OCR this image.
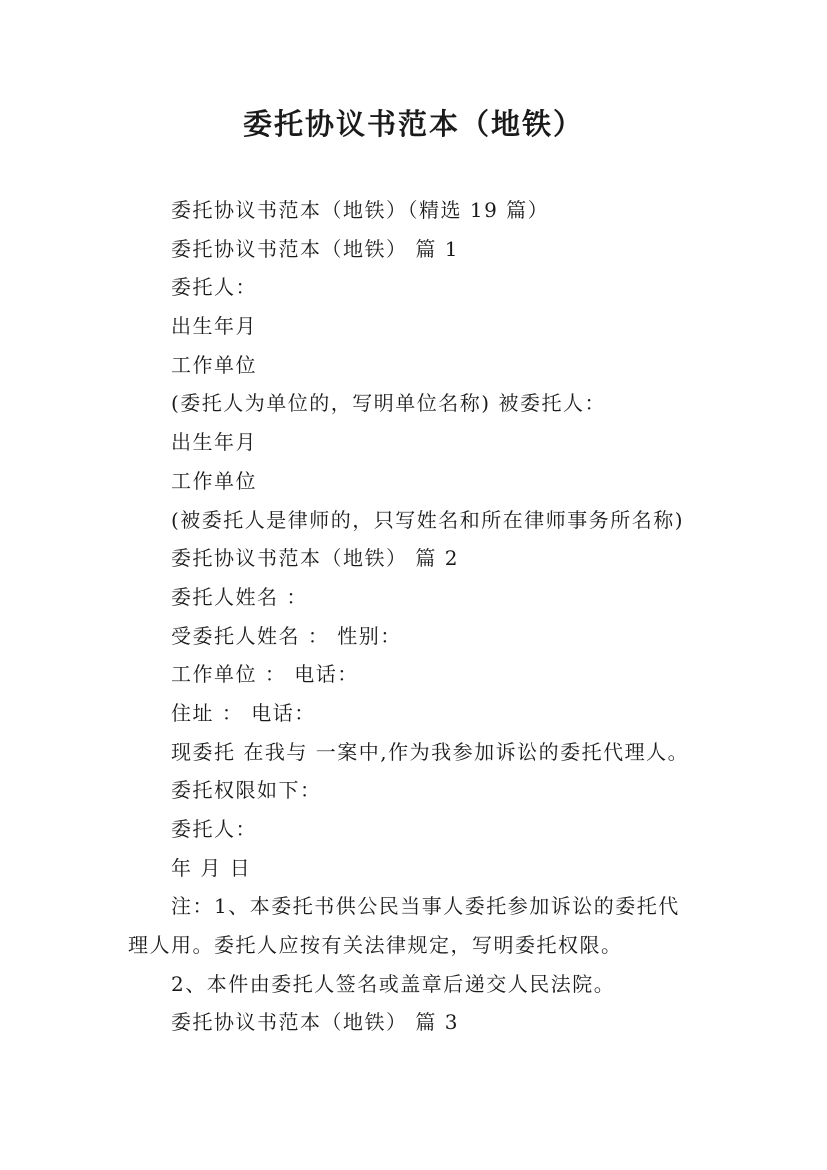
委托协议书范本（地铁）

委托协议书范本（地铁）（精选 19 篇）

委托协议书范本（地铁） 篇 1

委托人：

出生年月

工作单位

(委托人为单位的，写明单位名称) 被委托人：

出生年月

工作单位

(被委托人是律师的，只写姓名和所在律师事务所名称)

委托协议书范本（地铁） 篇 2

委托人姓名 ：

受委托人姓名 ： 性别：

工作单位 ： 电话：

住址 ： 电话：

现委托 在我与 一案中,作为我参加诉讼的委托代理人。

委托权限如下：

委托人：

年 月 日

注：1、本委托书供公民当事人委托参加诉讼的委托代

理人用。委托人应按有关法律规定，写明委托权限。

2、本件由委托人签名或盖章后递交人民法院。

委托协议书范本（地铁） 篇 3
